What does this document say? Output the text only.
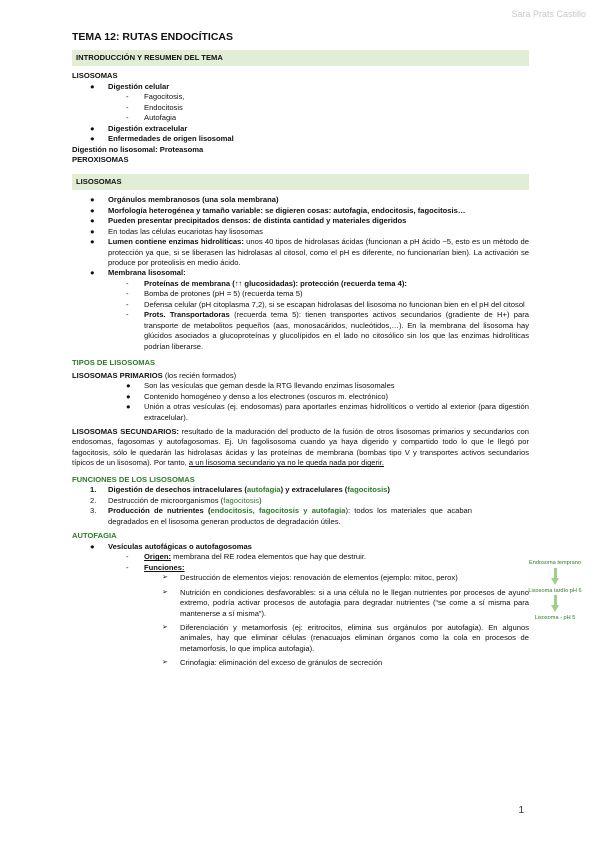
Sara Prats Castillo
TEMA 12: RUTAS ENDOCÍTICAS
INTRODUCCIÓN Y RESUMEN DEL TEMA

LISOSOMAS

● Digestión celular
- Fagocitosis,
- Endocitosis
- Autofagia
● Digestión extracelular
● Enfermedades de origen lisosomal

Digestión no lisosomal: Proteasoma

PEROXISOMAS

LISOSOMAS
● Orgánulos membranosos (una sola membrana)
● Morfología heterogénea y tamaño variable: se digieren cosas: autofagia, endocitosis, fagocitosis…
● Pueden presentar precipitados densos: de distinta cantidad y materiales digeridos
● En todas las células eucariotas hay lisosomas
● Lumen contiene enzimas hidrolíticas: unos 40 tipos de hidrolasas ácidas (funcionan a pH ácido ~5, esto es un método de protección ya que, si se liberasen las hidrolasas al citosol, como el pH es diferente, no funcionarían bien). La activación se produce por proteolisis en medio ácido.
● Membrana lisosomal:
- Proteínas de membrana (↑↑ glucosidadas): protección (recuerda tema 4):
- Bomba de protones (pH = 5) (recuerda tema 5)
- Defensa celular (pH citoplasma 7,2), si se escapan hidrolasas del lisosoma no funcionan bien en el pH del citosol
- Prots. Transportadoras (recuerda tema 5): tienen transportes activos secundarios (gradiente de H+) para transporte de metabolitos pequeños (aas, monosacáridos, nucleótidos,…). En la membrana del lisosoma hay glúcidos asociados a glucoproteínas y glucolípidos en el lado no citosólico sin los que las enzimas hidrolíticas podrían liberarse.

TIPOS DE LISOSOMAS

LISOSOMAS PRIMARIOS (los recién formados)

● Son las vesículas que geman desde la RTG llevando enzimas lisosomales
● Contenido homogéneo y denso a los electrones (oscuros m. electrónico)
● Unión a otras vesículas (ej. endosomas) para aportarles enzimas hidrolíticos o vertido al exterior (para digestión extracelular).

LISOSOMAS SECUNDARIOS: resultado de la maduración del producto de la fusión de otros lisosomas primarios y secundarios con endosomas, fagosomas y autofagosomas. Ej. Un fagolisosoma cuando ya haya digerido y compartido todo lo que le llegó por fagocitosis, sólo le quedarán las hidrolasas ácidas y las proteínas de membrana (bombas tipo V y transportes activos secundarios típicos de un lisosoma). Por tanto, a un lisosoma secundario ya no le queda nada por digerir.

FUNCIONES DE LOS LISOSOMAS

1. Digestión de desechos intracelulares (autofagia) y extracelulares (fagocitosis)
2. Destrucción de microorganismos (fagocitosis)
3. Producción de nutrientes (endocitosis, fagocitosis y autofagia): todos los materiales que acaban degradados en el lisosoma generan productos de degradación útiles.

AUTOFAGIA

● Vesículas autofágicas o autofagosomas
- Origen: membrana del RE rodea elementos que hay que destruir.
- Funciones:
➢ Destrucción de elementos viejos: renovación de elementos (ejemplo: mitoc, perox)
➢ Nutrición en condiciones desfavorables: si a una célula no le llegan nutrientes por procesos de ayuno extremo, podría activar procesos de autofagia para degradar nutrientes (“se come a sí misma para mantenerse a sí misma”).
➢ Diferenciación y metamorfosis (ej: eritrocitos, elimina sus orgánulos por autofagia). En algunos animales, hay que eliminar células (renacuajos eliminan órganos como la cola en procesos de metamorfosis, lo que implica autofagia).
➢ Crinofagia: eliminación del exceso de gránulos de secreción
Endosoma temprano
Lisosoma tardío pH 6
Lisosoma - pH 5
1
